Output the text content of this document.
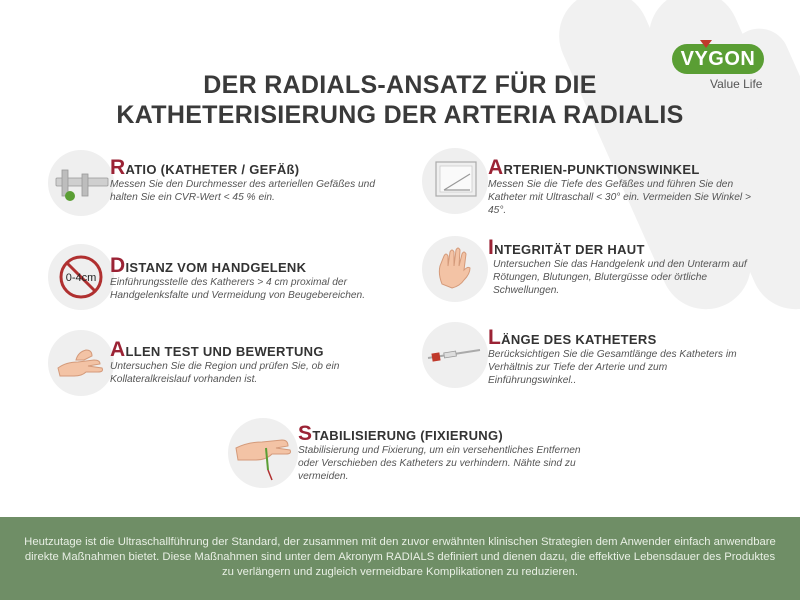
VYGON
Value Life
DER RADIALS-ANSATZ FÜR DIE
KATHETERISIERUNG DER ARTERIA RADIALIS
RATIO (KATHETER / GEFÄß)
Messen Sie den Durchmesser des arteriellen Gefäßes und halten Sie ein CVR-Wert < 45 % ein.
ARTERIEN-PUNKTIONSWINKEL
Messen Sie die Tiefe des Gefäßes und führen Sie den Katheter mit Ultraschall < 30° ein. Vermeiden Sie Winkel > 45°.
0-4cm
DISTANZ VOM HANDGELENK
Einführungsstelle des Katherers > 4 cm proximal der Handgelenksfalte und Vermeidung von Beugebereichen.
INTEGRITÄT DER HAUT
Untersuchen Sie das Handgelenk und den Unterarm auf Rötungen, Blutungen, Blutergüsse oder örtliche Schwellungen.
ALLEN TEST UND BEWERTUNG
Untersuchen Sie die Region und prüfen Sie, ob ein Kollateralkreislauf vorhanden ist.
LÄNGE DES KATHETERS
Berücksichtigen Sie die Gesamtlänge des Katheters im Verhältnis zur Tiefe der Arterie und zum Einführungswinkel..
STABILISIERUNG (FIXIERUNG)
Stabilisierung und Fixierung, um ein versehentliches Entfernen oder Verschieben des Katheters zu verhindern. Nähte sind zu vermeiden.
Heutzutage ist die Ultraschallführung der Standard, der zusammen mit den zuvor erwähnten klinischen Strategien dem Anwender einfach anwendbare direkte Maßnahmen bietet. Diese Maßnahmen sind unter dem Akronym RADIALS definiert und dienen dazu, die effektive Lebensdauer des Produktes zu verlängern und zugleich vermeidbare Komplikationen zu reduzieren.
